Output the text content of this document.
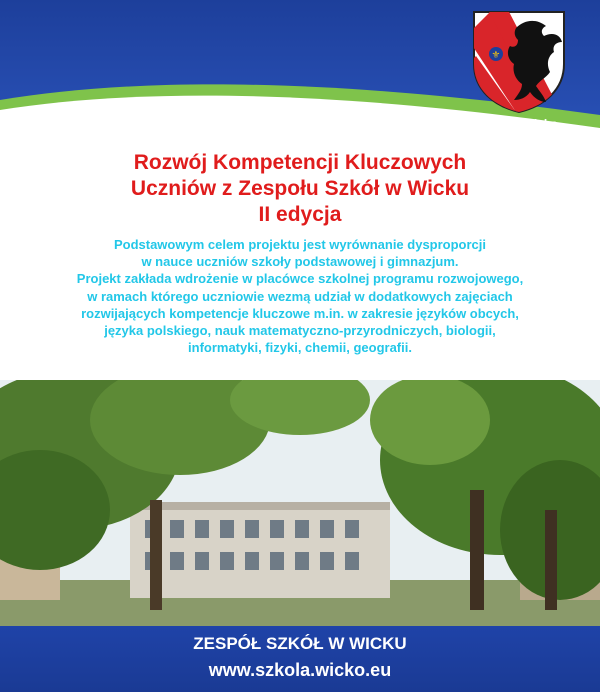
⚜
Gmina Wicko
Rozwój Kompetencji Kluczowych
Uczniów z Zespołu Szkół w Wicku
II edycja
Podstawowym celem projektu jest wyrównanie dysproporcji
w nauce uczniów szkoły podstawowej i gimnazjum.
Projekt zakłada wdrożenie w placówce szkolnej programu rozwojowego,
w ramach którego uczniowie wezmą udział w dodatkowych zajęciach
rozwijających kompetencje kluczowe m.in. w zakresie języków obcych,
języka polskiego, nauk matematyczno-przyrodniczych, biologii,
informatyki, fizyki, chemii, geografii.
ZESPÓŁ SZKÓŁ W WICKU
www.szkola.wicko.eu
